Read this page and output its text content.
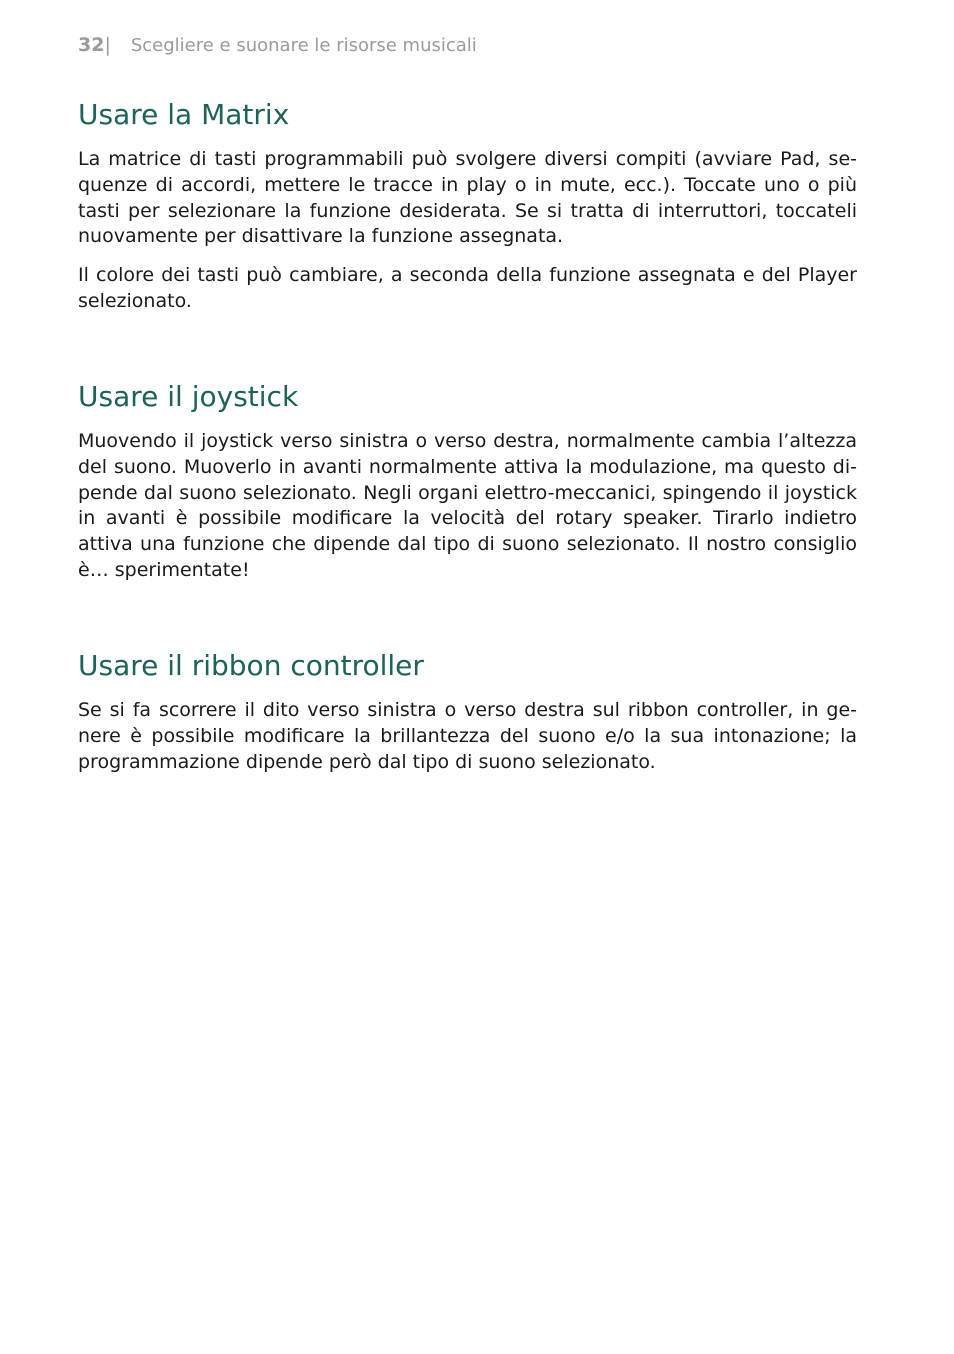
32| Scegliere e suonare le risorse musicali
Usare la Matrix

La matrice di tasti programmabili può svolgere diversi compiti (avviare Pad, sequenze di accordi, mettere le tracce in play o in mute, ecc.). Toccate uno o più tasti per selezionare la funzione desiderata. Se si tratta di interruttori, toccateli nuovamente per disattivare la funzione assegnata.

Il colore dei tasti può cambiare, a seconda della funzione assegnata e del Player selezionato.

Usare il joystick

Muovendo il joystick verso sinistra o verso destra, normalmente cambia l’altezza del suono. Muoverlo in avanti normalmente attiva la modulazione, ma questo dipende dal suono selezionato. Negli organi elettro-meccanici, spingendo il joystick in avanti è possibile modificare la velocità del rotary speaker. Tirarlo indietro attiva una funzione che dipende dal tipo di suono selezionato. Il nostro consiglio è… sperimentate!

Usare il ribbon controller

Se si fa scorrere il dito verso sinistra o verso destra sul ribbon controller, in genere è possibile modificare la brillantezza del suono e/o la sua intonazione; la programmazione dipende però dal tipo di suono selezionato.
